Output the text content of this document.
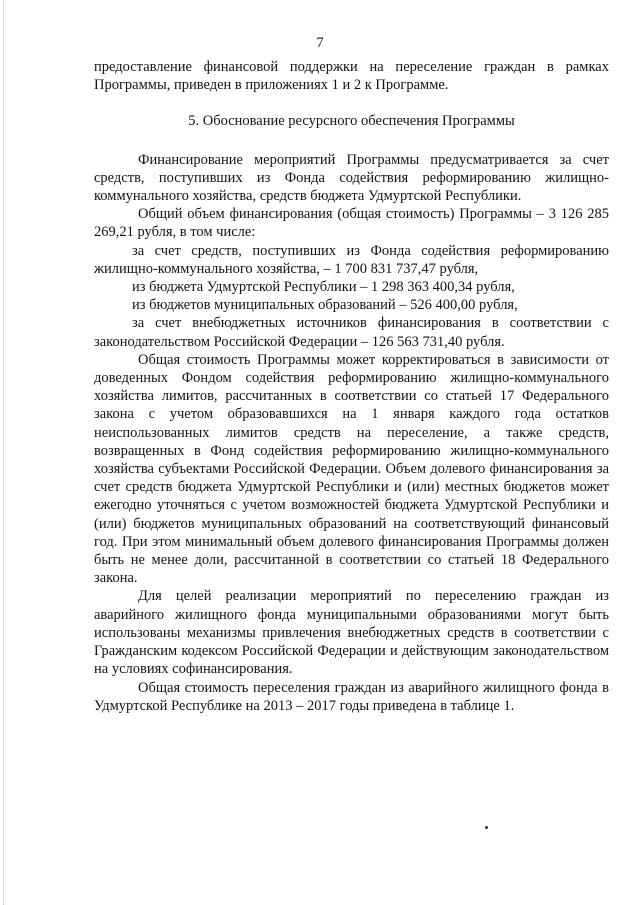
7

предоставление финансовой поддержки на переселение граждан в рамках Программы, приведен в приложениях 1 и 2 к Программе.

5. Обоснование ресурсного обеспечения Программы

Финансирование мероприятий Программы предусматривается за счет средств, поступивших из Фонда содействия реформированию жилищно-коммунального хозяйства, средств бюджета Удмуртской Республики.

Общий объем финансирования (общая стоимость) Программы – 3 126 285 269,21 рубля, в том числе:

за счет средств, поступивших из Фонда содействия реформированию жилищно-коммунального хозяйства, – 1 700 831 737,47 рубля,

из бюджета Удмуртской Республики – 1 298 363 400,34 рубля,

из бюджетов муниципальных образований – 526 400,00 рубля,

за счет внебюджетных источников финансирования в соответствии с законодательством Российской Федерации – 126 563 731,40 рубля.

Общая стоимость Программы может корректироваться в зависимости от доведенных Фондом содействия реформированию жилищно-коммунального хозяйства лимитов, рассчитанных в соответствии со статьей 17 Федерального закона с учетом образовавшихся на 1 января каждого года остатков неиспользованных лимитов средств на переселение, а также средств, возвращенных в Фонд содействия реформированию жилищно-коммунального хозяйства субъектами Российской Федерации. Объем долевого финансирования за счет средств бюджета Удмуртской Республики и (или) местных бюджетов может ежегодно уточняться с учетом возможностей бюджета Удмуртской Республики и (или) бюджетов муниципальных образований на соответствующий финансовый год. При этом минимальный объем долевого финансирования Программы должен быть не менее доли, рассчитанной в соответствии со статьей 18 Федерального закона.

Для целей реализации мероприятий по переселению граждан из аварийного жилищного фонда муниципальными образованиями могут быть использованы механизмы привлечения внебюджетных средств в соответствии с Гражданским кодексом Российской Федерации и действующим законодательством на условиях софинансирования.

Общая стоимость переселения граждан из аварийного жилищного фонда в Удмуртской Республике на 2013 – 2017 годы приведена в таблице 1.
